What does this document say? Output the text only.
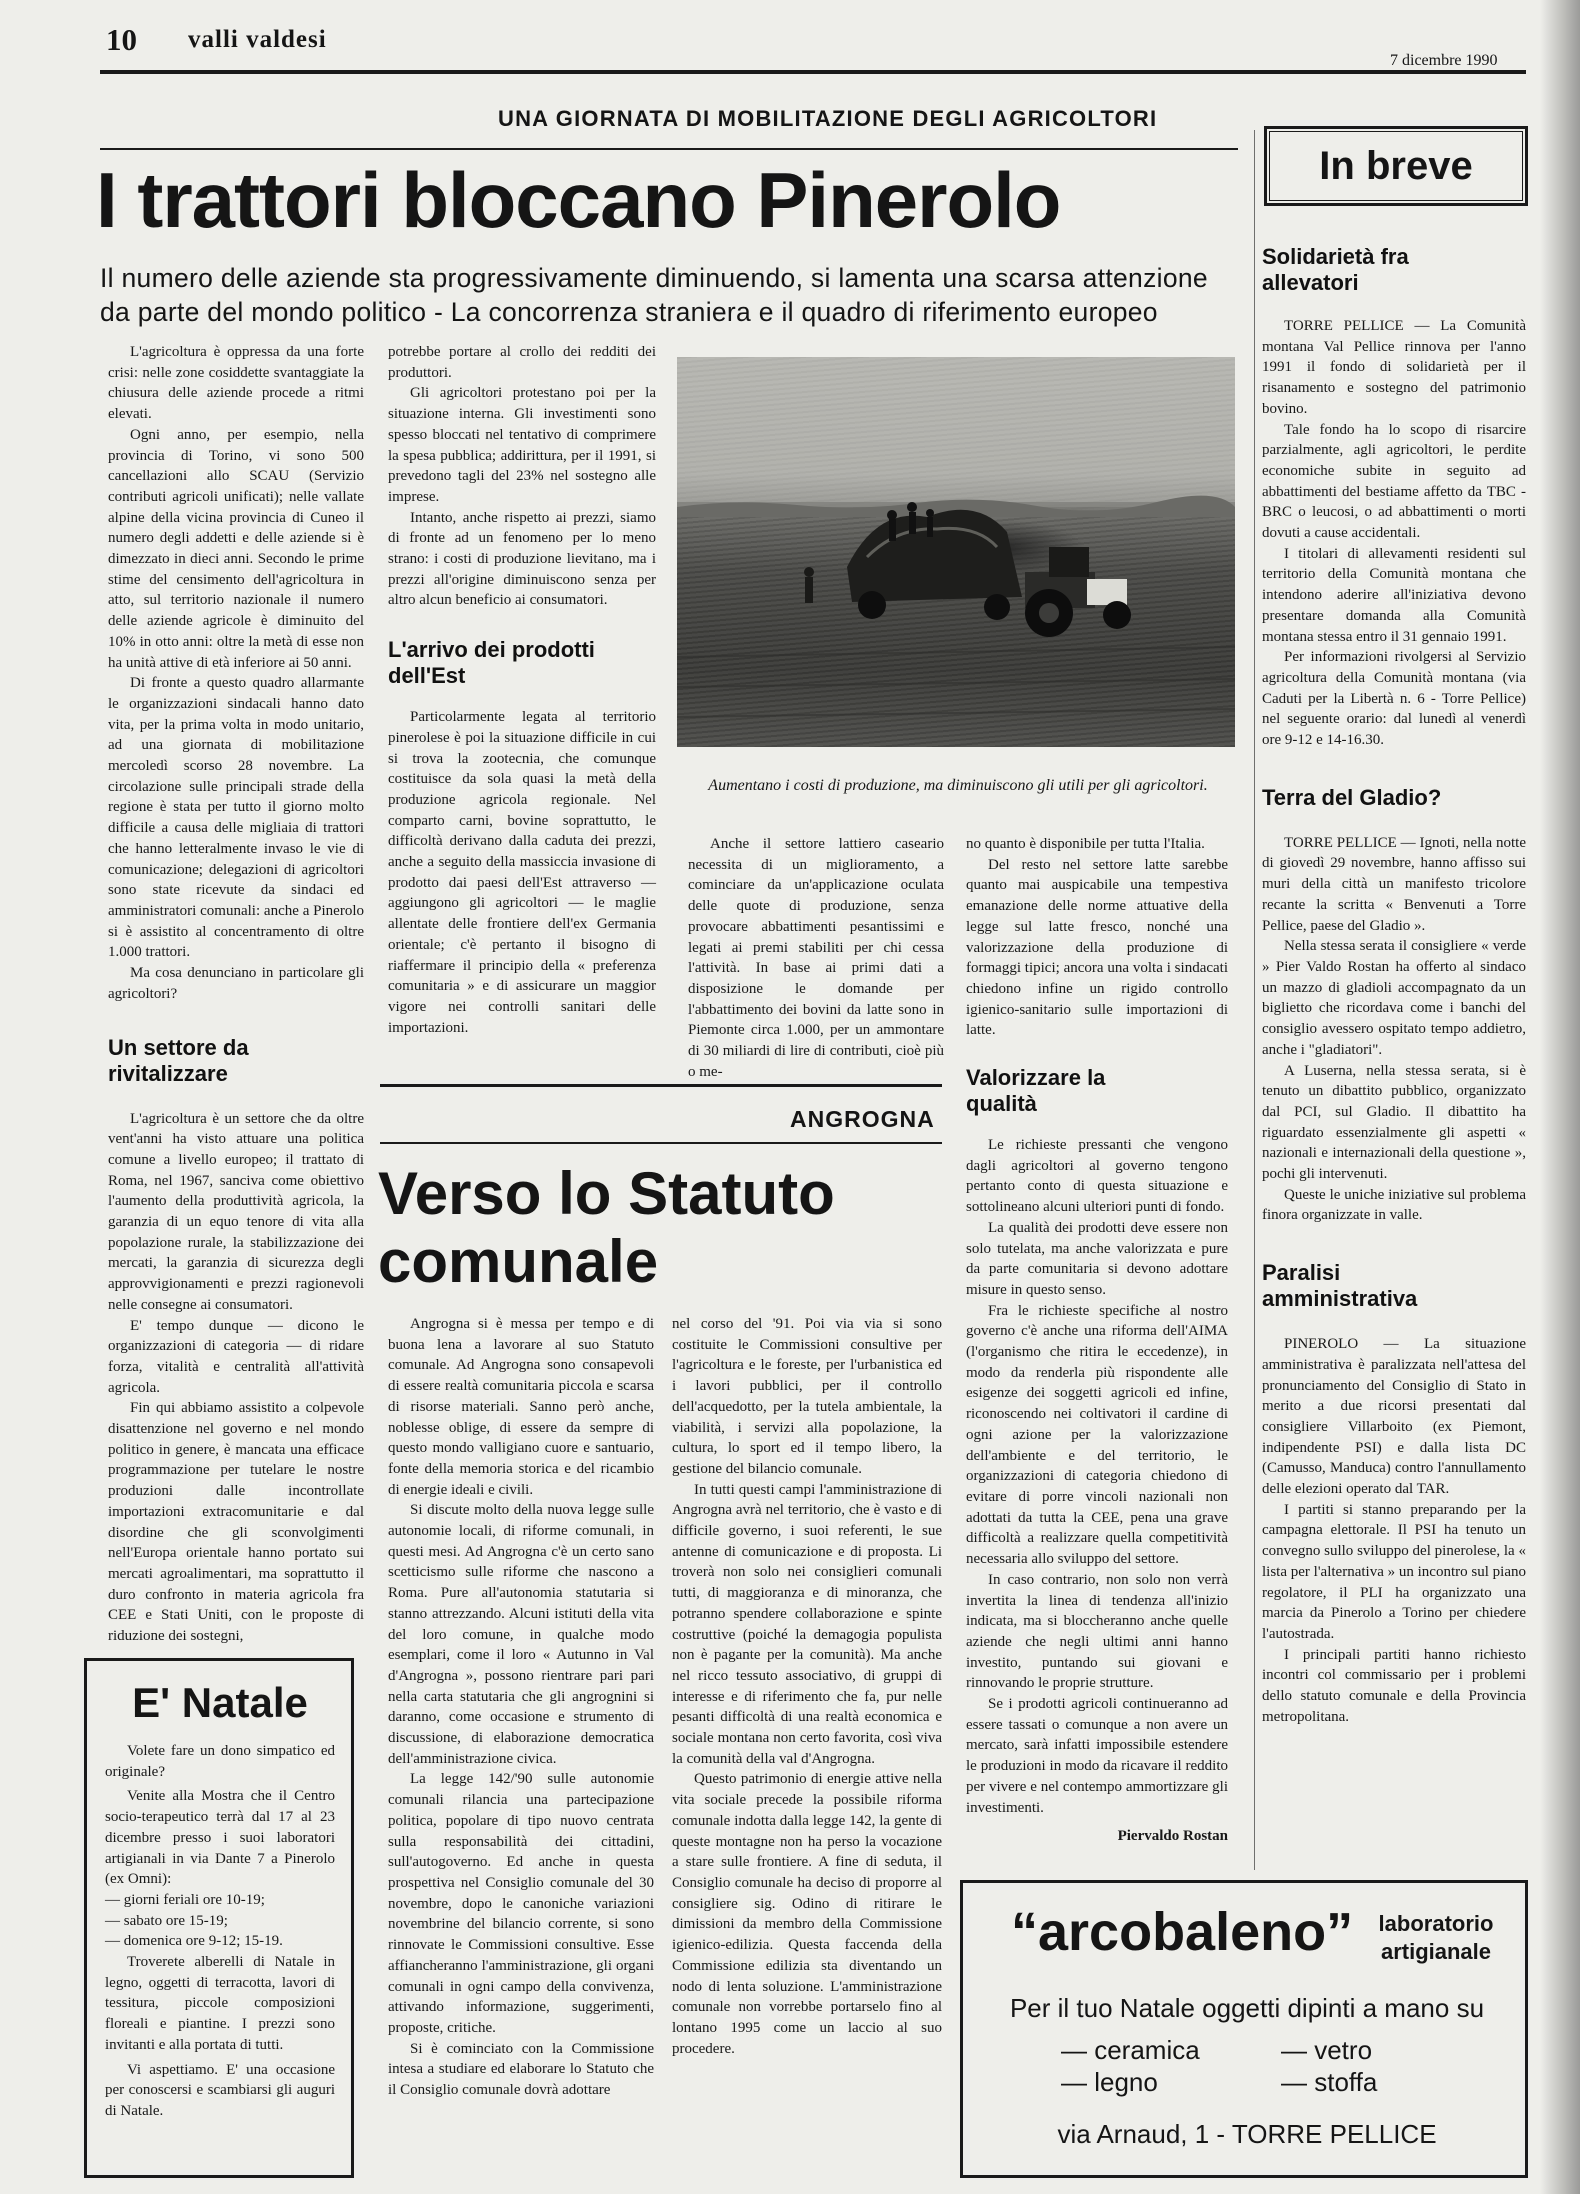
10 valli valdesi
7 dicembre 1990
UNA GIORNATA DI MOBILITAZIONE DEGLI AGRICOLTORI
I trattori bloccano Pinerolo
Il numero delle aziende sta progressivamente diminuendo, si lamenta una scarsa attenzione
da parte del mondo politico - La concorrenza straniera e il quadro di riferimento europeo

L'agricoltura è oppressa da una forte crisi: nelle zone cosiddette svantaggiate la chiusura delle aziende procede a ritmi elevati.

Ogni anno, per esempio, nella provincia di Torino, vi sono 500 cancellazioni allo SCAU (Servizio contributi agricoli unificati); nelle vallate alpine della vicina provincia di Cuneo il numero degli addetti e delle aziende si è dimezzato in dieci anni. Secondo le prime stime del censimento dell'agricoltura in atto, sul territorio nazionale il numero delle aziende agricole è diminuito del 10% in otto anni: oltre la metà di esse non ha unità attive di età inferiore ai 50 anni.

Di fronte a questo quadro allarmante le organizzazioni sindacali hanno dato vita, per la prima volta in modo unitario, ad una giornata di mobilitazione mercoledì scorso 28 novembre. La circolazione sulle principali strade della regione è stata per tutto il giorno molto difficile a causa delle migliaia di trattori che hanno letteralmente invaso le vie di comunicazione; delegazioni di agricoltori sono state ricevute da sindaci ed amministratori comunali: anche a Pinerolo si è assistito al concentramento di oltre 1.000 trattori.

Ma cosa denunciano in particolare gli agricoltori?

Un settore da rivitalizzare

L'agricoltura è un settore che da oltre vent'anni ha visto attuare una politica comune a livello europeo; il trattato di Roma, nel 1967, sanciva come obiettivo l'aumento della produttività agricola, la garanzia di un equo tenore di vita alla popolazione rurale, la stabilizzazione dei mercati, la garanzia di sicurezza degli approvvigionamenti e prezzi ragionevoli nelle consegne ai consumatori.

E' tempo dunque — dicono le organizzazioni di categoria — di ridare forza, vitalità e centralità all'attività agricola.

Fin qui abbiamo assistito a colpevole disattenzione nel governo e nel mondo politico in genere, è mancata una efficace programmazione per tutelare le nostre produzioni dalle incontrollate importazioni extracomunitarie e dal disordine che gli sconvolgimenti nell'Europa orientale hanno portato sui mercati agroalimentari, ma soprattutto il duro confronto in materia agricola fra CEE e Stati Uniti, con le proposte di riduzione dei sostegni,

potrebbe portare al crollo dei redditi dei produttori.

Gli agricoltori protestano poi per la situazione interna. Gli investimenti sono spesso bloccati nel tentativo di comprimere la spesa pubblica; addirittura, per il 1991, si prevedono tagli del 23% nel sostegno alle imprese.

Intanto, anche rispetto ai prezzi, siamo di fronte ad un fenomeno per lo meno strano: i costi di produzione lievitano, ma i prezzi all'origine diminuiscono senza per altro alcun beneficio ai consumatori.

L'arrivo dei prodotti dell'Est

Particolarmente legata al territorio pinerolese è poi la situazione difficile in cui si trova la zootecnia, che comunque costituisce da sola quasi la metà della produzione agricola regionale. Nel comparto carni, bovine soprattutto, le difficoltà derivano dalla caduta dei prezzi, anche a seguito della massiccia invasione di prodotto dai paesi dell'Est attraverso — aggiungono gli agricoltori — le maglie allentate delle frontiere dell'ex Germania orientale; c'è pertanto il bisogno di riaffermare il principio della « preferenza comunitaria » e di assicurare un maggior vigore nei controlli sanitari delle importazioni.

Aumentano i costi di produzione, ma diminuiscono gli utili per gli agricoltori.

Anche il settore lattiero caseario necessita di un miglioramento, a cominciare da un'applicazione oculata delle quote di produzione, senza provocare abbattimenti pesantissimi e legati ai premi stabiliti per chi cessa l'attività. In base ai primi dati a disposizione le domande per l'abbattimento dei bovini da latte sono in Piemonte circa 1.000, per un ammontare di 30 miliardi di lire di contributi, cioè più o me-

no quanto è disponibile per tutta l'Italia.

Del resto nel settore latte sarebbe quanto mai auspicabile una tempestiva emanazione delle norme attuative della legge sul latte fresco, nonché una valorizzazione della produzione di formaggi tipici; ancora una volta i sindacati chiedono infine un rigido controllo igienico-sanitario sulle importazioni di latte.

Valorizzare la qualità

Le richieste pressanti che vengono dagli agricoltori al governo tengono pertanto conto di questa situazione e sottolineano alcuni ulteriori punti di fondo.

La qualità dei prodotti deve essere non solo tutelata, ma anche valorizzata e pure da parte comunitaria si devono adottare misure in questo senso.

Fra le richieste specifiche al nostro governo c'è anche una riforma dell'AIMA (l'organismo che ritira le eccedenze), in modo da renderla più rispondente alle esigenze dei soggetti agricoli ed infine, riconoscendo nei coltivatori il cardine di ogni azione per la valorizzazione dell'ambiente e del territorio, le organizzazioni di categoria chiedono di evitare di porre vincoli nazionali non adottati da tutta la CEE, pena una grave difficoltà a realizzare quella competitività necessaria allo sviluppo del settore.

In caso contrario, non solo non verrà invertita la linea di tendenza all'inizio indicata, ma si bloccheranno anche quelle aziende che negli ultimi anni hanno investito, puntando sui giovani e rinnovando le proprie strutture.

Se i prodotti agricoli continueranno ad essere tassati o comunque a non avere un mercato, sarà infatti impossibile estendere le produzioni in modo da ricavare il reddito per vivere e nel contempo ammortizzare gli investimenti.

Piervaldo Rostan
ANGROGNA
Verso lo Statuto
comunale

Angrogna si è messa per tempo e di buona lena a lavorare al suo Statuto comunale. Ad Angrogna sono consapevoli di essere realtà comunitaria piccola e scarsa di risorse materiali. Sanno però anche, noblesse oblige, di essere da sempre di questo mondo valligiano cuore e santuario, fonte della memoria storica e del ricambio di energie ideali e civili.

Si discute molto della nuova legge sulle autonomie locali, di riforme comunali, in questi mesi. Ad Angrogna c'è un certo sano scetticismo sulle riforme che nascono a Roma. Pure all'autonomia statutaria si stanno attrezzando. Alcuni istituti della vita del loro comune, in qualche modo esemplari, come il loro « Autunno in Val d'Angrogna », possono rientrare pari pari nella carta statutaria che gli angrognini si daranno, come occasione e strumento di discussione, di elaborazione democratica dell'amministrazione civica.

La legge 142/'90 sulle autonomie comunali rilancia una partecipazione politica, popolare di tipo nuovo centrata sulla responsabilità dei cittadini, sull'autogoverno. Ed anche in questa prospettiva nel Consiglio comunale del 30 novembre, dopo le canoniche variazioni novembrine del bilancio corrente, si sono rinnovate le Commissioni consultive. Esse affiancheranno l'amministrazione, gli organi comunali in ogni campo della convivenza, attivando informazione, suggerimenti, proposte, critiche.

Si è cominciato con la Commissione intesa a studiare ed elaborare lo Statuto che il Consiglio comunale dovrà adottare

nel corso del '91. Poi via via si sono costituite le Commissioni consultive per l'agricoltura e le foreste, per l'urbanistica ed i lavori pubblici, per il controllo dell'acquedotto, per la tutela ambientale, la viabilità, i servizi alla popolazione, la cultura, lo sport ed il tempo libero, la gestione del bilancio comunale.

In tutti questi campi l'amministrazione di Angrogna avrà nel territorio, che è vasto e di difficile governo, i suoi referenti, le sue antenne di comunicazione e di proposta. Li troverà non solo nei consiglieri comunali tutti, di maggioranza e di minoranza, che potranno spendere collaborazione e spinte costruttive (poiché la demagogia populista non è pagante per la comunità). Ma anche nel ricco tessuto associativo, di gruppi di interesse e di riferimento che fa, pur nelle pesanti difficoltà di una realtà economica e sociale montana non certo favorita, così viva la comunità della val d'Angrogna.

Questo patrimonio di energie attive nella vita sociale precede la possibile riforma comunale indotta dalla legge 142, la gente di queste montagne non ha perso la vocazione a stare sulle frontiere. A fine di seduta, il Consiglio comunale ha deciso di proporre al consigliere sig. Odino di ritirare le dimissioni da membro della Commissione igienico-edilizia. Questa faccenda della Commissione edilizia sta diventando un nodo di lenta soluzione. L'amministrazione comunale non vorrebbe portarselo fino al lontano 1995 come un laccio al suo procedere.

E' Natale

Volete fare un dono simpatico ed originale?

Venite alla Mostra che il Centro socio-terapeutico terrà dal 17 al 23 dicembre presso i suoi laboratori artigianali in via Dante 7 a Pinerolo (ex Omni):

— giorni feriali ore 10-19;

— sabato ore 15-19;

— domenica ore 9-12; 15-19.

Troverete alberelli di Natale in legno, oggetti di terracotta, lavori di tessitura, piccole composizioni floreali e piantine. I prezzi sono invitanti e alla portata di tutti.

Vi aspettiamo. E' una occasione per conoscersi e scambiarsi gli auguri di Natale.

In breve
Solidarietà fra allevatori

TORRE PELLICE — La Comunità montana Val Pellice rinnova per l'anno 1991 il fondo di solidarietà per il risanamento e sostegno del patrimonio bovino.

Tale fondo ha lo scopo di risarcire parzialmente, agli agricoltori, le perdite economiche subite in seguito ad abbattimenti del bestiame affetto da TBC - BRC o leucosi, o ad abbattimenti o morti dovuti a cause accidentali.

I titolari di allevamenti residenti sul territorio della Comunità montana che intendono aderire all'iniziativa devono presentare domanda alla Comunità montana stessa entro il 31 gennaio 1991.

Per informazioni rivolgersi al Servizio agricoltura della Comunità montana (via Caduti per la Libertà n. 6 - Torre Pellice) nel seguente orario: dal lunedì al venerdì ore 9-12 e 14-16.30.

Terra del Gladio?

TORRE PELLICE — Ignoti, nella notte di giovedì 29 novembre, hanno affisso sui muri della città un manifesto tricolore recante la scritta « Benvenuti a Torre Pellice, paese del Gladio ».

Nella stessa serata il consigliere « verde » Pier Valdo Rostan ha offerto al sindaco un mazzo di gladioli accompagnato da un biglietto che ricordava come i banchi del consiglio avessero ospitato tempo addietro, anche i "gladiatori".

A Luserna, nella stessa serata, si è tenuto un dibattito pubblico, organizzato dal PCI, sul Gladio. Il dibattito ha riguardato essenzialmente gli aspetti « nazionali e internazionali della questione », pochi gli intervenuti.

Queste le uniche iniziative sul problema finora organizzate in valle.

Paralisi amministrativa

PINEROLO — La situazione amministrativa è paralizzata nell'attesa del pronunciamento del Consiglio di Stato in merito a due ricorsi presentati dal consigliere Villarboito (ex Piemont, indipendente PSI) e dalla lista DC (Camusso, Manduca) contro l'annullamento delle elezioni operato dal TAR.

I partiti si stanno preparando per la campagna elettorale. Il PSI ha tenuto un convegno sullo sviluppo del pinerolese, la « lista per l'alternativa » un incontro sul piano regolatore, il PLI ha organizzato una marcia da Pinerolo a Torino per chiedere l'autostrada.

I principali partiti hanno richiesto incontri col commissario per i problemi dello statuto comunale e della Provincia metropolitana.

“arcobaleno”	laboratorio
artigianale
Per il tuo Natale oggetti dipinti a mano su
— ceramica	— vetro
— legno	— stoffa
via Arnaud, 1 - TORRE PELLICE
